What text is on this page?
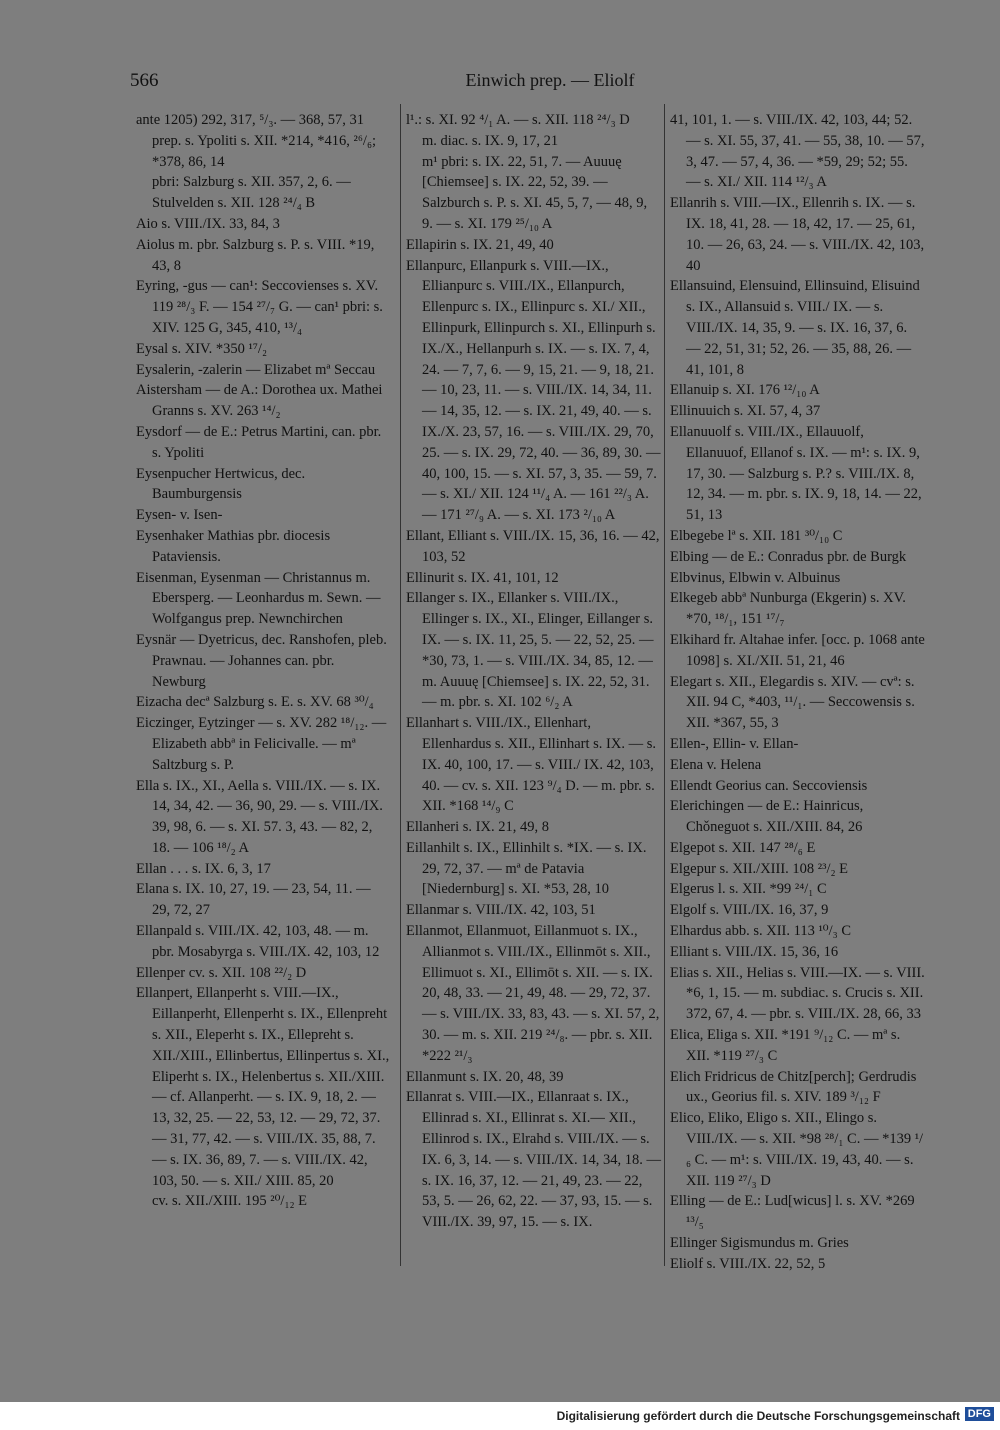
566	Einwich prep. — Eliolf

ante 1205) 292, 317, ⁵/₃. — 368, 57, 31

prep. s. Ypoliti s. XII. *214, *416, ²⁶/₆; *378, 86, 14

pbri: Salzburg s. XII. 357, 2, 6. — Stulvelden s. XII. 128 ²⁴/₄ B

Aio s. VIII./IX. 33, 84, 3

Aiolus m. pbr. Salzburg s. P. s. VIII. *19, 43, 8

Eyring, -gus — can¹: Seccovienses s. XV. 119 ²⁸/₃ F. — 154 ²⁷/₇ G. — can¹ pbri: s. XIV. 125 G, 345, 410, ¹³/₄

Eysal s. XIV. *350 ¹⁷/₂

Eysalerin, -zalerin — Elizabet mª Seccau

Aistersham — de A.: Dorothea ux. Mathei Granns s. XV. 263 ¹⁴/₂

Eysdorf — de E.: Petrus Martini, can. pbr. s. Ypoliti

Eysenpucher Hertwicus, dec. Baumburgensis

Eysen- v. Isen-

Eysenhaker Mathias pbr. diocesis Pataviensis.

Eisenman, Eysenman — Christannus m. Ebersperg. — Leonhardus m. Sewn. — Wolfgangus prep. Newnchirchen

Eysnär — Dyetricus, dec. Ranshofen, pleb. Prawnau. — Johannes can. pbr. Newburg

Eizacha decª Salzburg s. E. s. XV. 68 ³⁰/₄

Eiczinger, Eytzinger — s. XV. 282 ¹⁸/₁₂. — Elizabeth abbª in Felicivalle. — mª Saltzburg s. P.

Ella s. IX., XI., Aella s. VIII./IX. — s. IX. 14, 34, 42. — 36, 90, 29. — s. VIII./IX. 39, 98, 6. — s. XI. 57. 3, 43. — 82, 2, 18. — 106 ¹⁸/₂ A

Ellan . . . s. IX. 6, 3, 17

Elana s. IX. 10, 27, 19. — 23, 54, 11. — 29, 72, 27

Ellanpald s. VIII./IX. 42, 103, 48. — m. pbr. Mosabyrga s. VIII./IX. 42, 103, 12

Ellenper cv. s. XII. 108 ²²/₂ D

Ellanpert, Ellanperht s. VIII.—IX., Eillanperht, Ellenperht s. IX., Ellenpreht s. XII., Eleperht s. IX., Ellepreht s. XII./XIII., Ellinbertus, Ellinpertus s. XI., Eliperht s. IX., Helenbertus s. XII./XIII. — cf. Allanperht. — s. IX. 9, 18, 2. — 13, 32, 25. — 22, 53, 12. — 29, 72, 37. — 31, 77, 42. — s. VIII./IX. 35, 88, 7. — s. IX. 36, 89, 7. — s. VIII./IX. 42, 103, 50. — s. XII./ XIII. 85, 20

cv. s. XII./XIII. 195 ²⁰/₁₂ E

l¹.: s. XI. 92 ⁴/₁ A. — s. XII. 118 ²⁴/₃ D

m. diac. s. IX. 9, 17, 21

m¹ pbri: s. IX. 22, 51, 7. — Auuuę [Chiemsee] s. IX. 22, 52, 39. — Salzburch s. P. s. XI. 45, 5, 7, — 48, 9, 9. — s. XI. 179 ²⁵/₁₀ A

Ellapirin s. IX. 21, 49, 40

Ellanpurc, Ellanpurk s. VIII.—IX., Ellianpurc s. VIII./IX., Ellanpurch, Ellenpurc s. IX., Ellinpurc s. XI./ XII., Ellinpurk, Ellinpurch s. XI., Ellinpurh s. IX./X., Hellanpurh s. IX. — s. IX. 7, 4, 24. — 7, 7, 6. — 9, 15, 21. — 9, 18, 21. — 10, 23, 11. — s. VIII./IX. 14, 34, 11. — 14, 35, 12. — s. IX. 21, 49, 40. — s. IX./X. 23, 57, 16. — s. VIII./IX. 29, 70, 25. — s. IX. 29, 72, 40. — 36, 89, 30. — 40, 100, 15. — s. XI. 57, 3, 35. — 59, 7. — s. XI./ XII. 124 ¹¹/₄ A. — 161 ²²/₃ A. — 171 ²⁷/₉ A. — s. XI. 173 ²/₁₀ A

Ellant, Elliant s. VIII./IX. 15, 36, 16. — 42, 103, 52

Ellinurit s. IX. 41, 101, 12

Ellanger s. IX., Ellanker s. VIII./IX., Ellinger s. IX., XI., Elinger, Eillanger s. IX. — s. IX. 11, 25, 5. — 22, 52, 25. — *30, 73, 1. — s. VIII./IX. 34, 85, 12. — m. Auuuę [Chiemsee] s. IX. 22, 52, 31. — m. pbr. s. XI. 102 ⁶/₂ A

Ellanhart s. VIII./IX., Ellenhart, Ellenhardus s. XII., Ellinhart s. IX. — s. IX. 40, 100, 17. — s. VIII./ IX. 42, 103, 40. — cv. s. XII. 123 ⁹/₄ D. — m. pbr. s. XII. *168 ¹⁴/₉ C

Ellanheri s. IX. 21, 49, 8

Eillanhilt s. IX., Ellinhilt s. *IX. — s. IX. 29, 72, 37. — mª de Patavia [Niedernburg] s. XI. *53, 28, 10

Ellanmar s. VIII./IX. 42, 103, 51

Ellanmot, Ellanmuot, Eillanmuot s. IX., Allianmot s. VIII./IX., Ellinmōt s. XII., Ellimuot s. XI., Ellimōt s. XII. — s. IX. 20, 48, 33. — 21, 49, 48. — 29, 72, 37. — s. VIII./IX. 33, 83, 43. — s. XI. 57, 2, 30. — m. s. XII. 219 ²⁴/₈. — pbr. s. XII. *222 ²¹/₃

Ellanmunt s. IX. 20, 48, 39

Ellanrat s. VIII.—IX., Ellanraat s. IX., Ellinrad s. XI., Ellinrat s. XI.— XII., Ellinrod s. IX., Elrahd s. VIII./IX. — s. IX. 6, 3, 14. — s. VIII./IX. 14, 34, 18. — s. IX. 16, 37, 12. — 21, 49, 23. — 22, 53, 5. — 26, 62, 22. — 37, 93, 15. — s. VIII./IX. 39, 97, 15. — s. IX.

41, 101, 1. — s. VIII./IX. 42, 103, 44; 52. — s. XI. 55, 37, 41. — 55, 38, 10. — 57, 3, 47. — 57, 4, 36. — *59, 29; 52; 55. — s. XI./ XII. 114 ¹²/₃ A

Ellanrih s. VIII.—IX., Ellenrih s. IX. — s. IX. 18, 41, 28. — 18, 42, 17. — 25, 61, 10. — 26, 63, 24. — s. VIII./IX. 42, 103, 40

Ellansuind, Elensuind, Ellinsuind, Elisuind s. IX., Allansuid s. VIII./ IX. — s. VIII./IX. 14, 35, 9. — s. IX. 16, 37, 6. — 22, 51, 31; 52, 26. — 35, 88, 26. — 41, 101, 8

Ellanuip s. XI. 176 ¹²/₁₀ A

Ellinuuich s. XI. 57, 4, 37

Ellanuuolf s. VIII./IX., Ellauuolf, Ellanuuof, Ellanof s. IX. — m¹: s. IX. 9, 17, 30. — Salzburg s. P.? s. VIII./IX. 8, 12, 34. — m. pbr. s. IX. 9, 18, 14. — 22, 51, 13

Elbegebe lª s. XII. 181 ³⁰/₁₀ C

Elbing — de E.: Conradus pbr. de Burgk

Elbvinus, Elbwin v. Albuinus

Elkegeb abbª Nunburga (Ekgerin) s. XV. *70, ¹⁸/₁, 151 ¹⁷/₇

Elkihard fr. Altahae infer. [occ. p. 1068 ante 1098] s. XI./XII. 51, 21, 46

Elegart s. XII., Elegardis s. XIV. — cvª: s. XII. 94 C, *403, ¹¹/₁. — Seccowensis s. XII. *367, 55, 3

Ellen-, Ellin- v. Ellan-

Elena v. Helena

Ellendt Georius can. Seccoviensis

Elerichingen — de E.: Hainricus, Chǒneguot s. XII./XIII. 84, 26

Elgepot s. XII. 147 ²⁸/₆ E

Elgepur s. XII./XIII. 108 ²³/₂ E

Elgerus l. s. XII. *99 ²⁴/₁ C

Elgolf s. VIII./IX. 16, 37, 9

Elhardus abb. s. XII. 113 ¹⁰/₃ C

Elliant s. VIII./IX. 15, 36, 16

Elias s. XII., Helias s. VIII.—IX. — s. VIII. *6, 1, 15. — m. subdiac. s. Crucis s. XII. 372, 67, 4. — pbr. s. VIII./IX. 28, 66, 33

Elica, Eliga s. XII. *191 ⁹/₁₂ C. — mª s. XII. *119 ²⁷/₃ C

Elich Fridricus de Chitz[perch]; Gerdrudis ux., Georius fil. s. XIV. 189 ³/₁₂ F

Elico, Eliko, Eligo s. XII., Elingo s. VIII./IX. — s. XII. *98 ²⁸/₁ C. — *139 ¹/₆ C. — m¹: s. VIII./IX. 19, 43, 40. — s. XII. 119 ²⁷/₃ D

Elling — de E.: Lud[wicus] l. s. XV. *269 ¹³/₅

Ellinger Sigismundus m. Gries

Eliolf s. VIII./IX. 22, 52, 5

Digitalisierung gefördert durch die Deutsche Forschungsgemeinschaft DFG
